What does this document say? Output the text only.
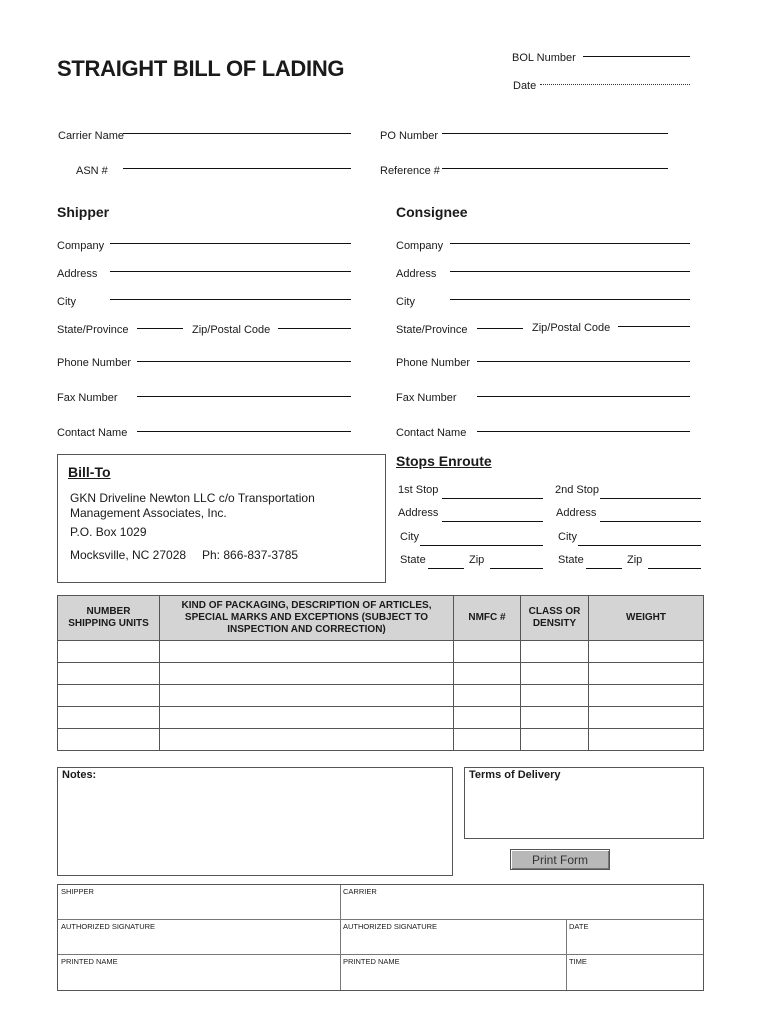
STRAIGHT BILL OF LADING	BOL Number
Date
Carrier Name
ASN #
PO Number
Reference #
Shipper
Company
Address
City
State/Province	Zip/Postal Code
Phone Number
Fax Number
Contact Name
Consignee
Company
Address
City
State/Province	Zip/Postal Code
Phone Number
Fax Number
Contact Name
Bill-To
GKN Driveline Newton LLC c/o Transportation
Management Associates, Inc.
P.O. Box 1029
Mocksville, NC 27028 Ph: 866-837-3785
Stops Enroute
1st Stop
Address
City
State	Zip
2nd Stop
Address
City
State	Zip
NUMBER SHIPPING UNITS	KIND OF PACKAGING, DESCRIPTION OF ARTICLES, SPECIAL MARKS AND EXCEPTIONS (SUBJECT TO INSPECTION AND CORRECTION)	NMFC #	CLASS OR DENSITY	WEIGHT

Notes:	Terms of Delivery
Print Form
SHIPPER	CARRIER
AUTHORIZED SIGNATURE	AUTHORIZED SIGNATURE	DATE
PRINTED NAME	PRINTED NAME	TIME
